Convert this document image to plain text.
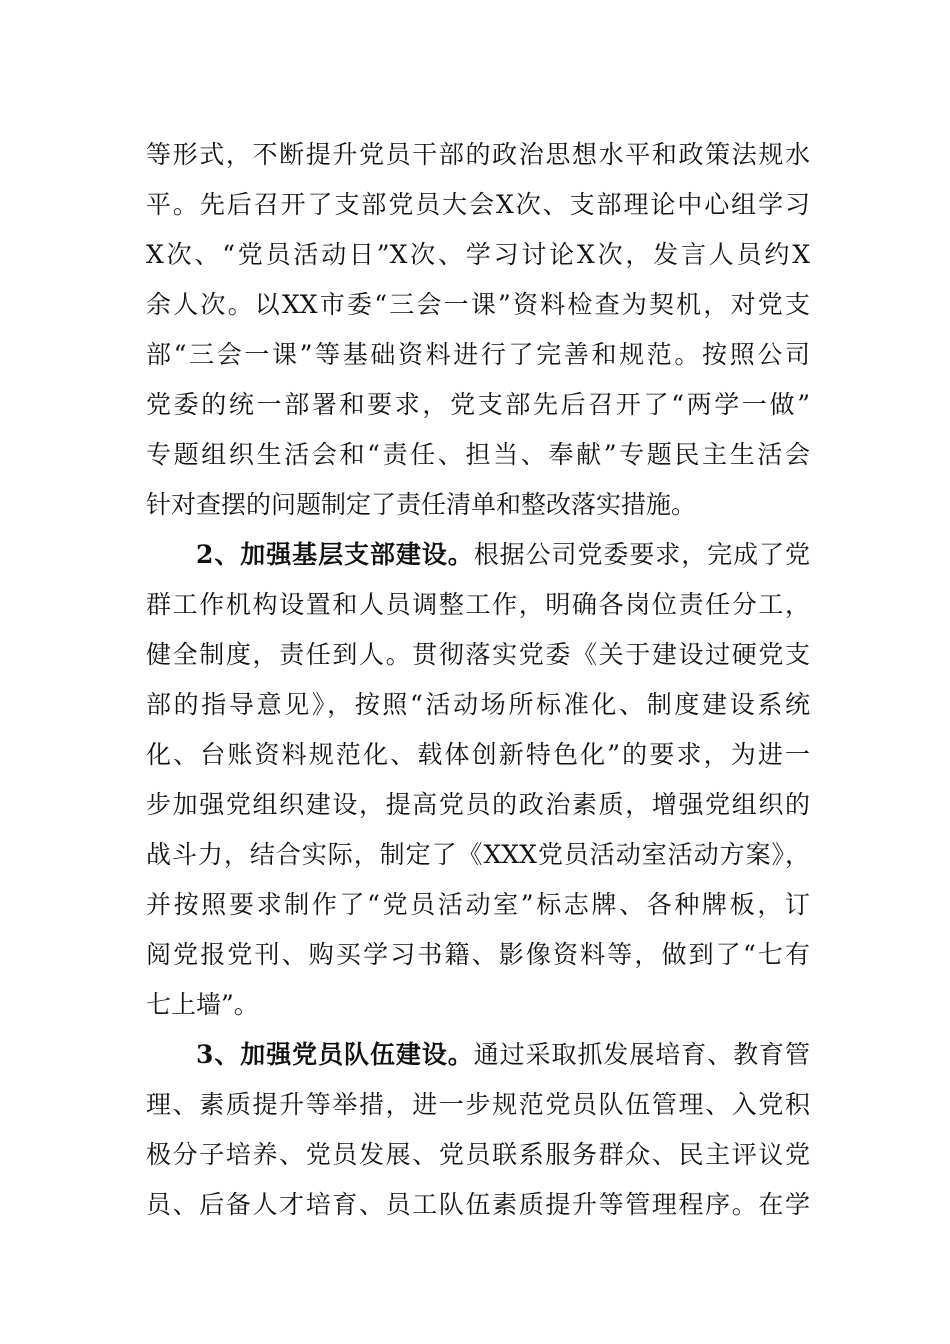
等形式，不断提升党员干部的政治思想水平和政策法规水
平。先后召开了支部党员大会X次、支部理论中心组学习
X次、“党员活动日”X次、学习讨论X次，发言人员约X
余人次。以XX市委“三会一课”资料检查为契机，对党支
部“三会一课”等基础资料进行了完善和规范。按照公司
党委的统一部署和要求，党支部先后召开了“两学一做”
专题组织生活会和“责任、担当、奉献”专题民主生活会
针对查摆的问题制定了责任清单和整改落实措施。
2、加强基层支部建设。根据公司党委要求，完成了党
群工作机构设置和人员调整工作，明确各岗位责任分工，
健全制度，责任到人。贯彻落实党委《关于建设过硬党支
部的指导意见》，按照“活动场所标准化、制度建设系统
化、台账资料规范化、载体创新特色化”的要求，为进一
步加强党组织建设，提高党员的政治素质，增强党组织的
战斗力，结合实际，制定了《XXX党员活动室活动方案》，
并按照要求制作了“党员活动室”标志牌、各种牌板，订
阅党报党刊、购买学习书籍、影像资料等，做到了“七有
七上墙”。
3、加强党员队伍建设。通过采取抓发展培育、教育管
理、素质提升等举措，进一步规范党员队伍管理、入党积
极分子培养、党员发展、党员联系服务群众、民主评议党
员、后备人才培育、员工队伍素质提升等管理程序。在学
